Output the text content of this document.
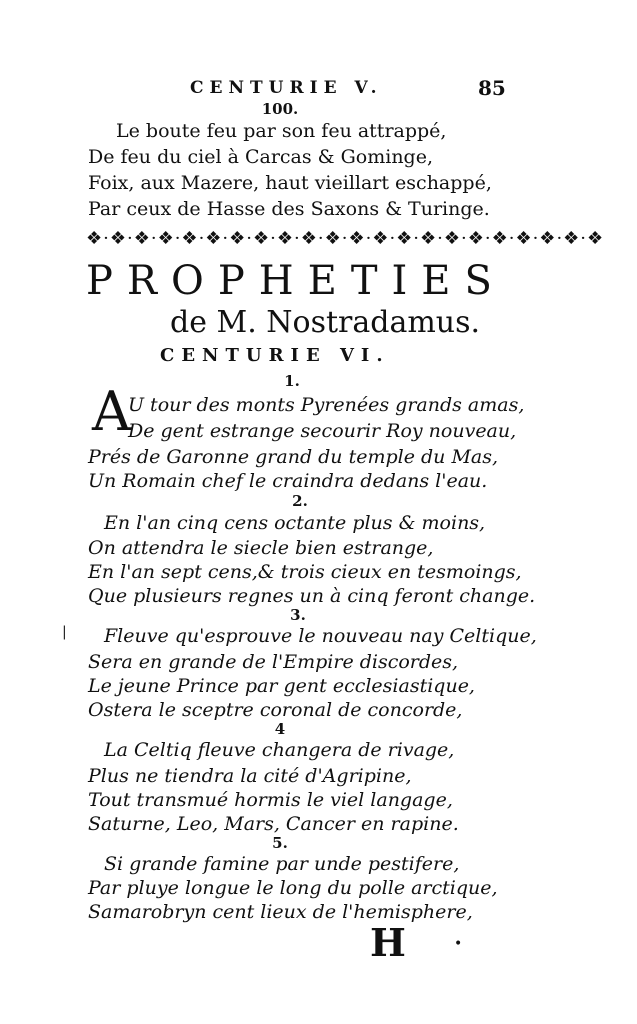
CENTURIE V.	85
100.
Le boute feu par son feu attrappé,
De feu du ciel à Carcas & Gominge,
Foix, aux Mazere, haut vieillart eschappé,
Par ceux de Hasse des Saxons & Turinge.
❖·❖·❖·❖·❖·❖·❖·❖·❖·❖·❖·❖·❖·❖·❖·❖·❖·❖·❖·❖·❖·❖
PROPHETIES
de M. Nostradamus.
CENTURIE VI.
1.
A
U tour des monts Pyrenées grands amas,
De gent estrange secourir Roy nouveau,
Prés de Garonne grand du temple du Mas,
Un Romain chef le craindra dedans l'eau.
2.
En l'an cinq cens octante plus & moins,
On attendra le siecle bien estrange,
En l'an sept cens,& trois cieux en tesmoings,
Que plusieurs regnes un à cinq feront change.
3.
| Fleuve qu'esprouve le nouveau nay Celtique,
Sera en grande de l'Empire discordes,
Le jeune Prince par gent ecclesiastique,
Ostera le sceptre coronal de concorde,
4
La Celtiq fleuve changera de rivage,
Plus ne tiendra la cité d'Agripine,
Tout transmué hormis le viel langage,
Saturne, Leo, Mars, Cancer en rapine.
5.
Si grande famine par unde pestifere,
Par pluye longue le long du polle arctique,
Samarobryn cent lieux de l'hemisphere,
H	•
